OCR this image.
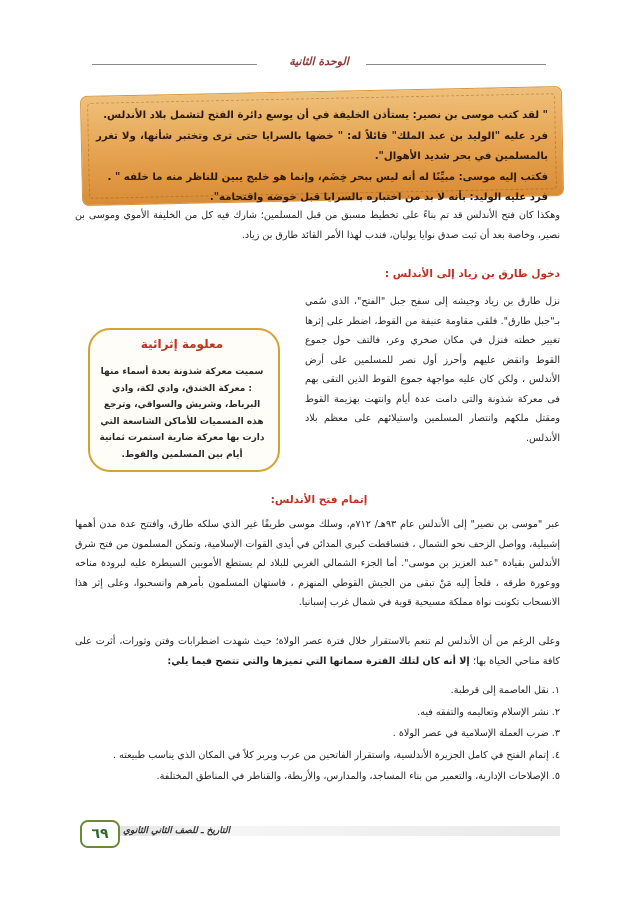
الوحدة الثانية

" لقد كتب موسى بن نصير: يستأذن الخليفة في أن يوسع دائرة الفتح لتشمل بلاد الأندلس.

فرد عليه "الوليد بن عبد الملك" قائلاً له: " خضها بالسرايا حتى ترى وتختبر شأنها، ولا تغرر بالمسلمين في بحر شديد الأهوال".

فكتب إليه موسى: مبيِّنًا له أنه ليس ببحر خِضَم، وإنما هو خليج يبين للناظر منه ما خلفه " .

فرد عليه الوليد: بأنه لا بد من اختباره بالسرايا قبل خوضه واقتحامه".

وهكذا كان فتح الأندلس قد تم بناءً على تخطيط مسبق من قبل المسلمين؛ شارك فيه كل من الخليفة الأموي وموسى بن نصير، وخاصة بعد أن ثبت صدق نوايا يوليان، فندب لهذا الأمر القائد طارق بن زياد.
دخول طارق بن زياد إلى الأندلس :
نزل طارق بن زياد وجيشه إلى سفح جبل "الفتح"، الذى سُمي بـ"جبل طارق". فلقى مقاومة عنيفة من القوط، اضطر على إثرها تغيير خطته فنزل في مكان صخري وعر، فالتف حول جموع القوط وانقض عليهم وأحرز أول نصر للمسلمين على أرض الأندلس ، ولكن كان عليه مواجهة جموع القوط الذين التقى بهم فى معركة شذونة والتى دامت عدة أيام وانتهت بهزيمة القوط ومقتل ملكهم وانتصار المسلمين واستيلائهم على معظم بلاد الأندلس.
معلومة إثرائية
سميت معركة شذونة بعدة أسماء منها : معركة الخندق، وادي لكة، وادي البرباط، وشريش والسواقي، وترجع هذه المسميات للأماكن الشاسعة التي دارت بها معركة ضارية استمرت ثمانية أيام بين المسلمين والقوط.
إتمام فتح الأندلس:
عبر "موسى بن نصير" إلى الأندلس عام ٩٣هـ/ ٧١٢م، وسلك موسى طريقًا غير الذي سلكه طارق، وافتتح عدة مدن أهمها إشبيلية، وواصل الزحف نحو الشمال ، فتساقطت كبرى المدائن في أيدى القوات الإسلامية، وتمكن المسلمون من فتح شرق الأندلس بقيادة "عبد العزيز بن موسى". أما الجزء الشمالي الغربي للبلاد لم يستطع الأمويين السيطرة عليه لبرودة مناخه ووعورة طرقه ، فلجأ إليه مَنْ تبقى من الجيش القوطي المنهزم ، فاستهان المسلمون بأمرهم وانسحبوا، وعلى إثر هذا الانسحاب تكونت نواة مملكة مسيحية قوية في شمال غرب إسبانيا.
وعلى الرغم من أن الأندلس لم تنعم بالاستقرار خلال فترة عصر الولاة؛ حيث شهدت اضطرابات وفتن وثورات، أثرت على كافة مناحي الحياة بها؛ إلا أنه كان لتلك الفترة سماتها التي تميزها والتي تتضح فيما يلي:
١. نقل العاصمة إلى قرطبة.
٢. نشر الإسلام وتعاليمه والتفقه فيه.
٣. ضرب العملة الإسلامية في عصر الولاة .
٤. إتمام الفتح في كامل الجزيرة الأندلسية، واستقرار الفاتحين من عرب وبربر كلاً في المكان الذي يناسب طبيعته .
٥. الإصلاحات الإدارية، والتعمير من بناء المساجد، والمدارس، والأربطة، والقناطر في المناطق المختلفة.
التاريخ ـ للصف الثاني الثانوي
٦٩
